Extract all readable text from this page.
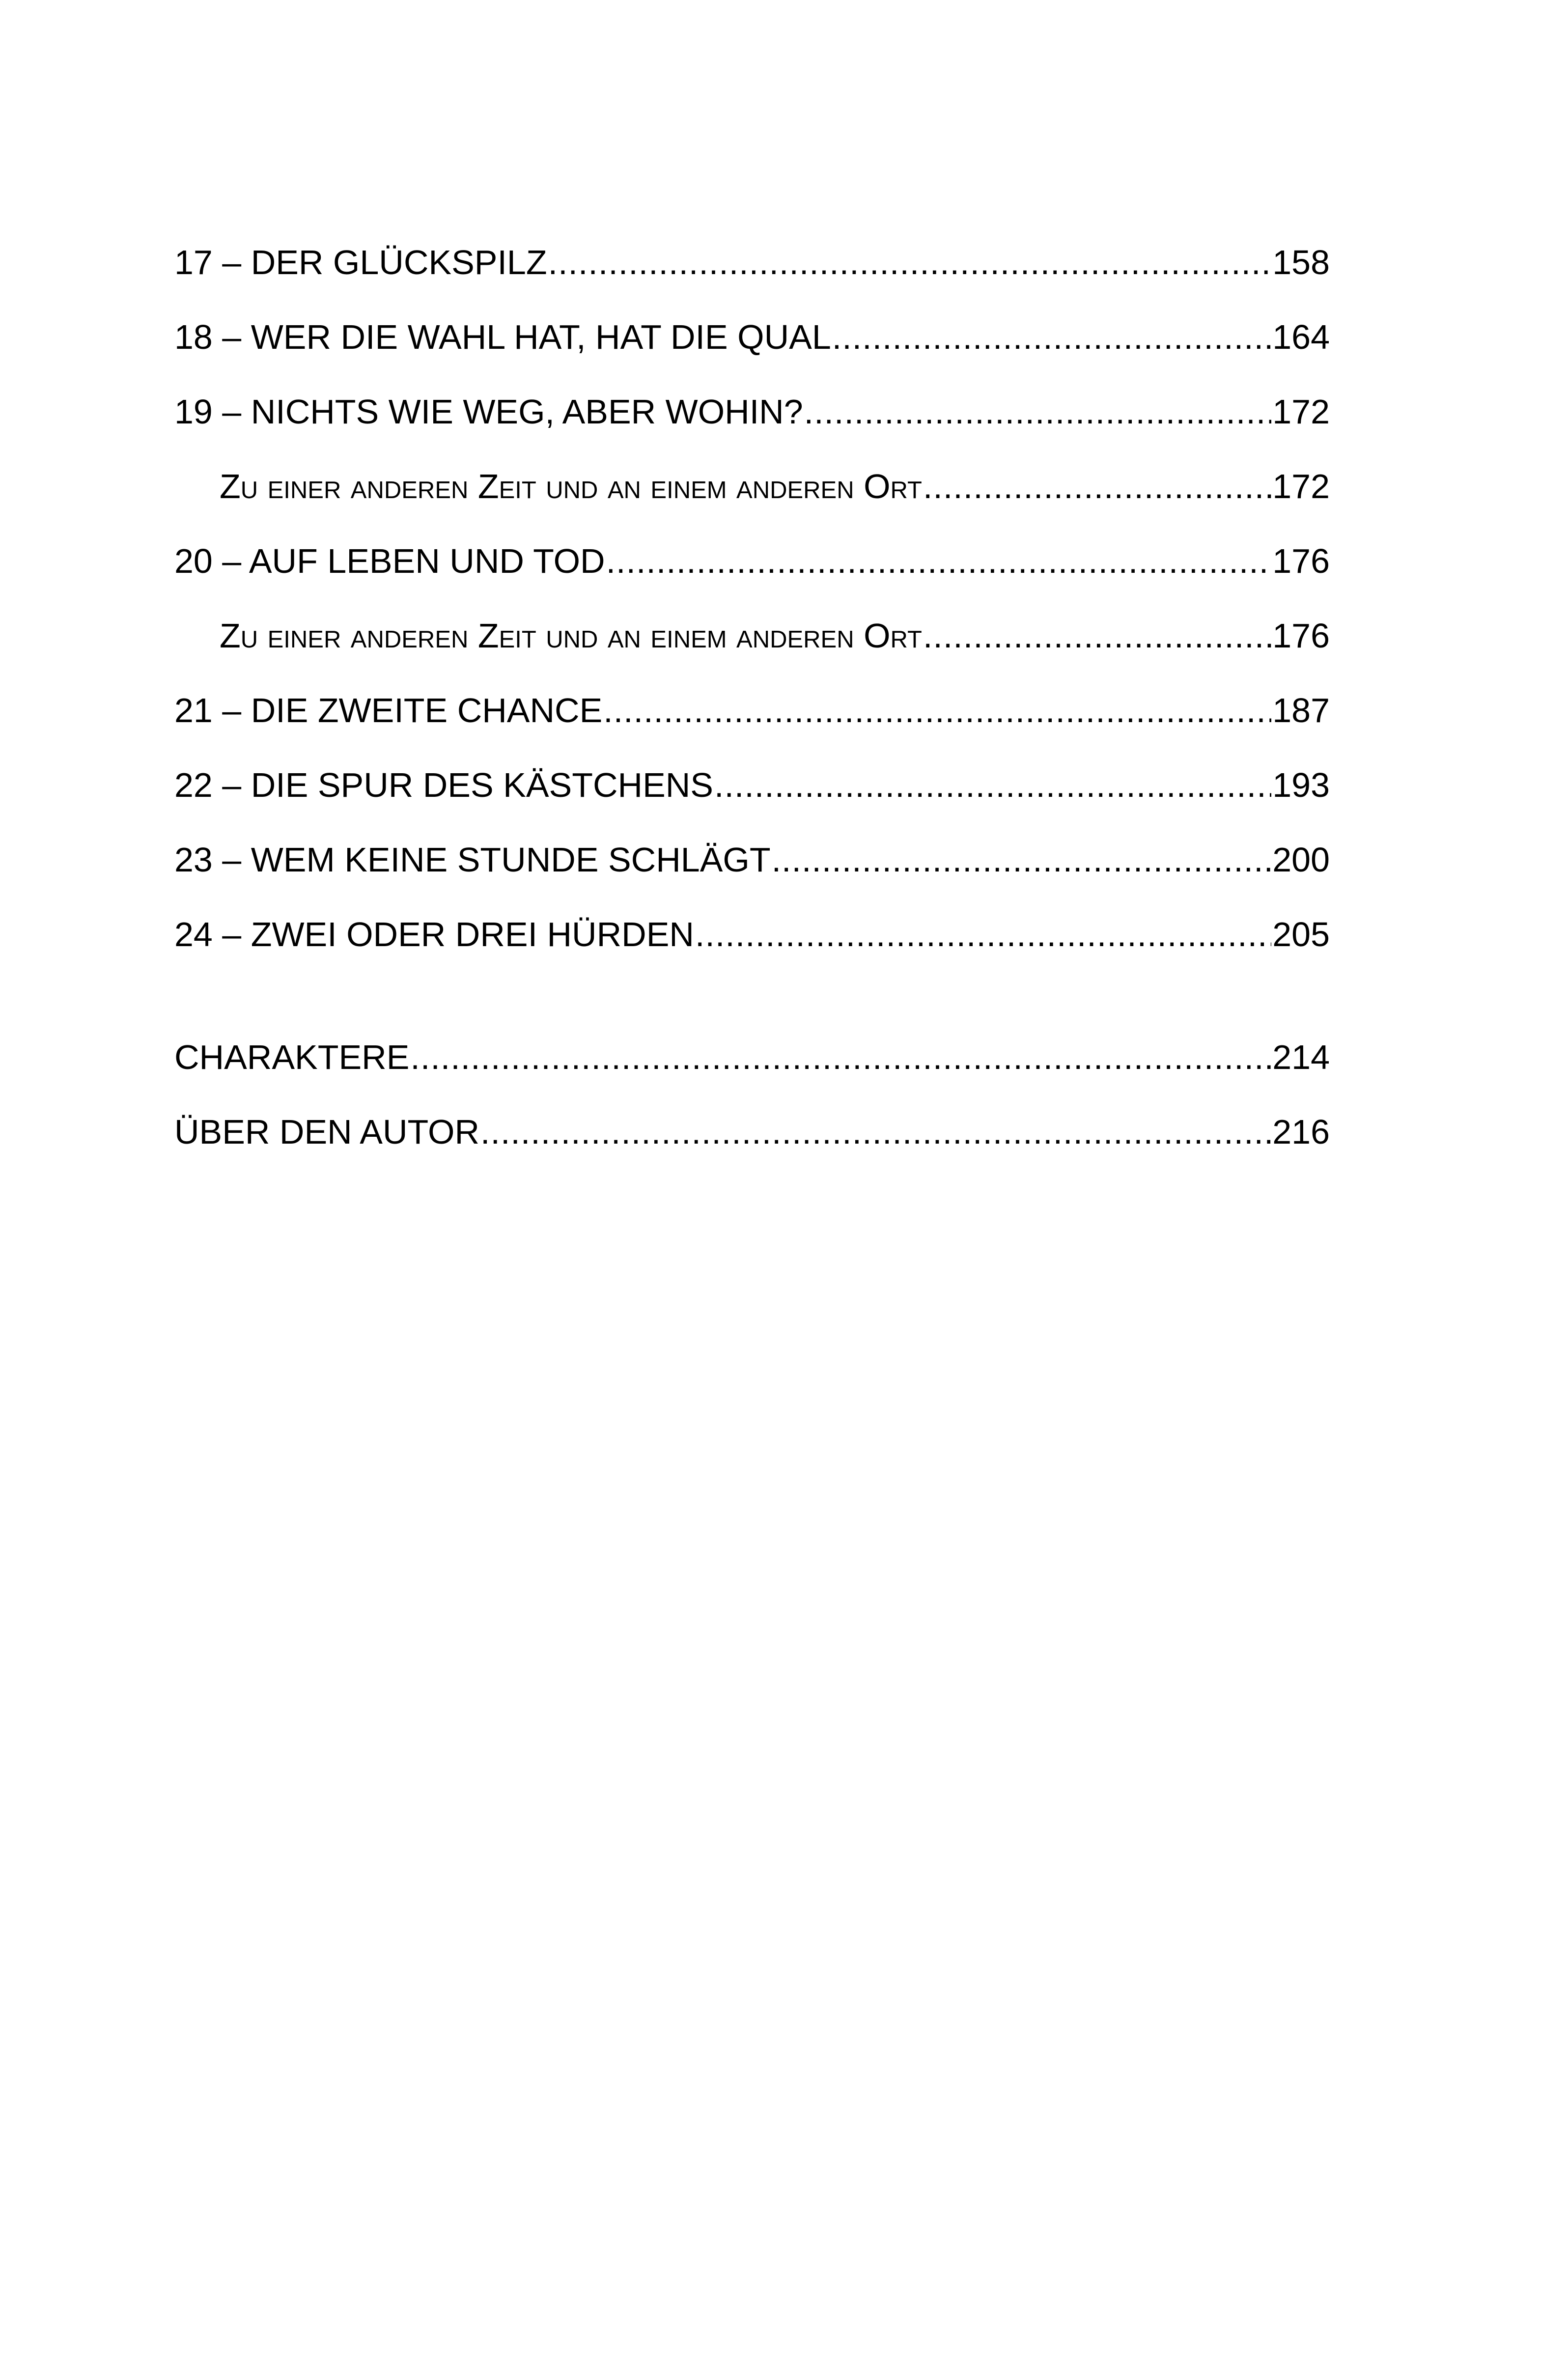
17 – DER GLÜCKSPILZ .....	158
18 – WER DIE WAHL HAT, HAT DIE QUAL .....	164
19 – NICHTS WIE WEG, ABER WOHIN? .....	172
Zu einer anderen Zeit und an einem anderen Ort .....	172
20 – AUF LEBEN UND TOD .....	176
Zu einer anderen Zeit und an einem anderen Ort .....	176
21 – DIE ZWEITE CHANCE .....	187
22 – DIE SPUR DES KÄSTCHENS .....	193
23 – WEM KEINE STUNDE SCHLÄGT .....	200
24 – ZWEI ODER DREI HÜRDEN .....	205
CHARAKTERE .....	214
ÜBER DEN AUTOR .....	216
